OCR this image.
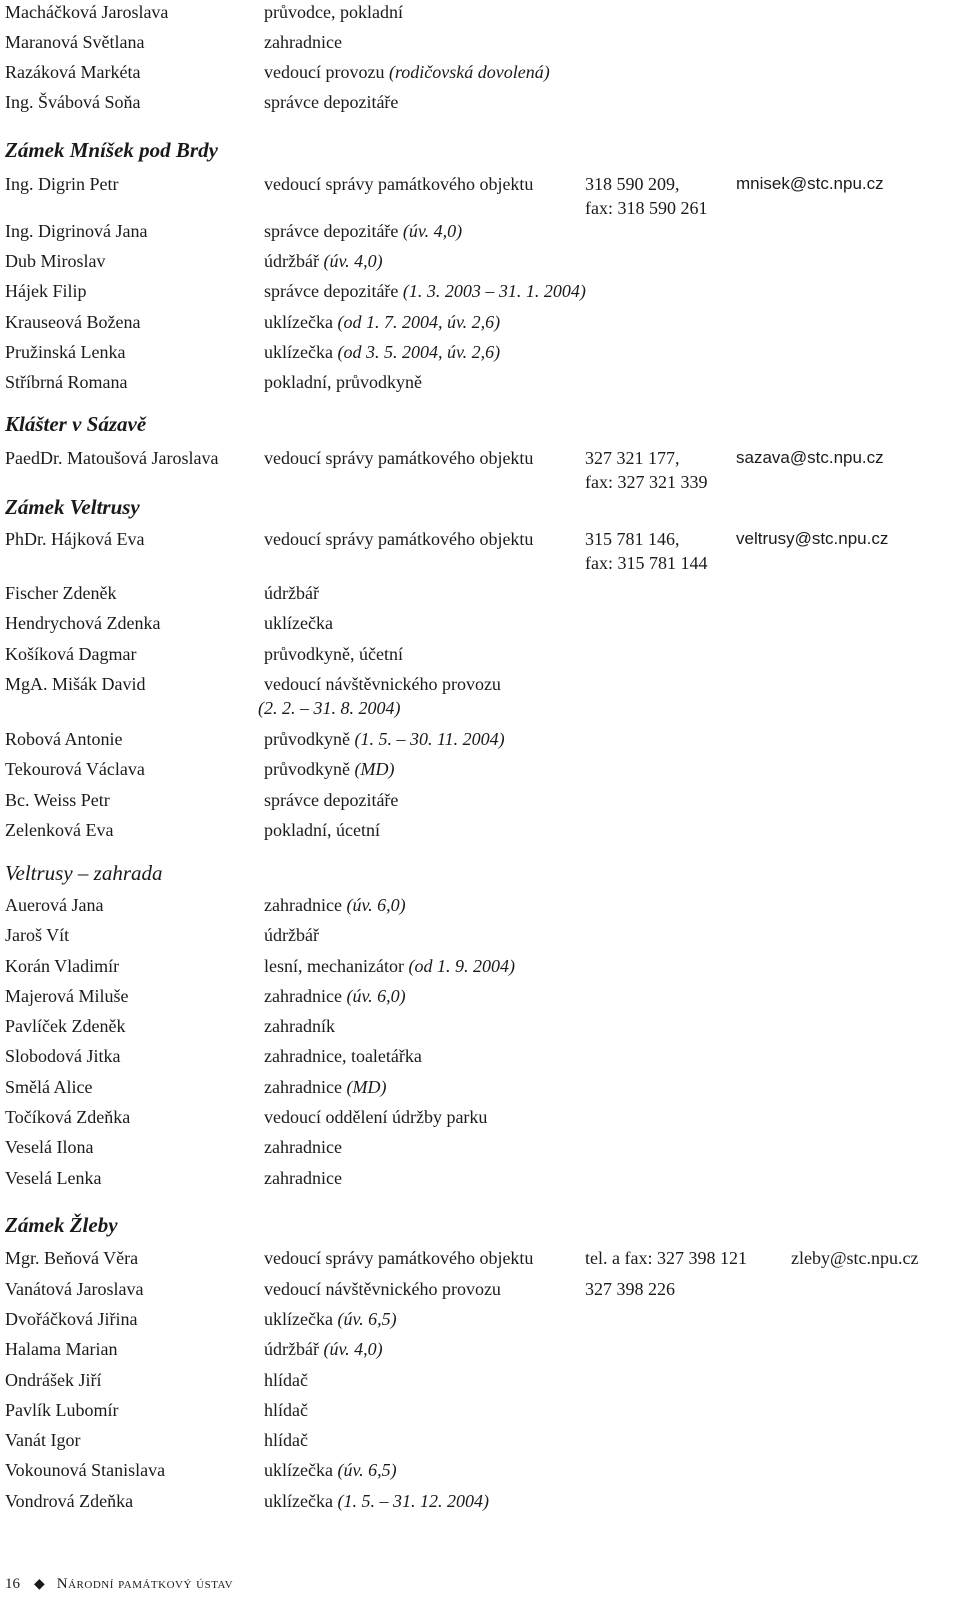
Macháčková Jaroslava	průvodce, pokladní
Maranová Světlana	zahradnice
Razáková Markéta	vedoucí provozu (rodičovská dovolená)
Ing. Švábová Soňa	správce depozitáře
Zámek Mníšek pod Brdy
Ing. Digrin Petr	vedoucí správy památkového objektu	318 590 209,	mnisek@stc.npu.cz
fax: 318 590 261
Ing. Digrinová Jana	správce depozitáře (úv. 4,0)
Dub Miroslav	údržbář (úv. 4,0)
Hájek Filip	správce depozitáře (1. 3. 2003 – 31. 1. 2004)
Krauseová Božena	uklízečka (od 1. 7. 2004, úv. 2,6)
Pružinská Lenka	uklízečka (od 3. 5. 2004, úv. 2,6)
Stříbrná Romana	pokladní, průvodkyně
Klášter v Sázavě
PaedDr. Matoušová Jaroslava	vedoucí správy památkového objektu	327 321 177,	sazava@stc.npu.cz
fax: 327 321 339
Zámek Veltrusy
PhDr. Hájková Eva	vedoucí správy památkového objektu	315 781 146,	veltrusy@stc.npu.cz
fax: 315 781 144
Fischer Zdeněk	údržbář
Hendrychová Zdenka	uklízečka
Košíková Dagmar	průvodkyně, účetní
MgA. Mišák David	vedoucí návštěvnického provozu
(2. 2. – 31. 8. 2004)
Robová Antonie	průvodkyně (1. 5. – 30. 11. 2004)
Tekourová Václava	průvodkyně (MD)
Bc. Weiss Petr	správce depozitáře
Zelenková Eva	pokladní, úcetní
Veltrusy – zahrada
Auerová Jana	zahradnice (úv. 6,0)
Jaroš Vít	údržbář
Korán Vladimír	lesní, mechanizátor (od 1. 9. 2004)
Majerová Miluše	zahradnice (úv. 6,0)
Pavlíček Zdeněk	zahradník
Slobodová Jitka	zahradnice, toaletářka
Smělá Alice	zahradnice (MD)
Točíková Zdeňka	vedoucí oddělení údržby parku
Veselá Ilona	zahradnice
Veselá Lenka	zahradnice
Zámek Žleby
Mgr. Beňová Věra	vedoucí správy památkového objektu	tel. a fax: 327 398 121 zleby@stc.npu.cz
Vanátová Jaroslava	vedoucí návštěvnického provozu	327 398 226
Dvořáčková Jiřina	uklízečka (úv. 6,5)
Halama Marian	údržbář (úv. 4,0)
Ondrášek Jiří	hlídač
Pavlík Lubomír	hlídač
Vanát Igor	hlídač
Vokounová Stanislava	uklízečka (úv. 6,5)
Vondrová Zdeňka	uklízečka (1. 5. – 31. 12. 2004)
16 ◆ Národní památkový ústav
